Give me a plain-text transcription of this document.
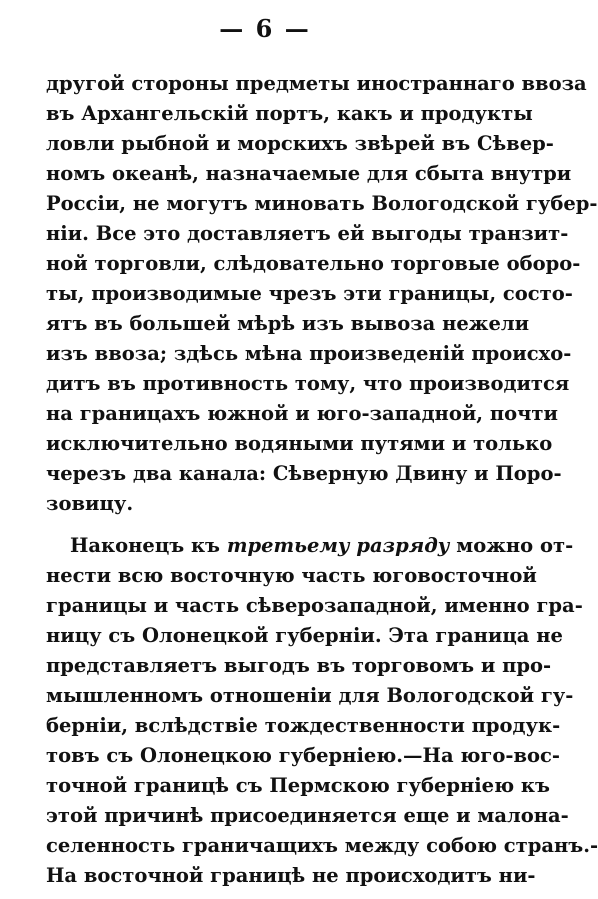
— 6 —
другой стороны предметы иностраннаго ввоза
въ Архангельскій портъ, какъ и продукты
ловли рыбной и морскихъ звѣрей въ Сѣвер-
номъ океанѣ, назначаемые для сбыта внутри
Россіи, не могутъ миновать Вологодской губер-
ніи. Все это доставляетъ ей выгоды транзит-
ной торговли, слѣдовательно торговые оборо-
ты, производимые чрезъ эти границы, состо-
ятъ въ большей мѣрѣ изъ вывоза нежели
изъ ввоза; здѣсь мѣна произведеній происхо-
дитъ въ противность тому, что производится
на границахъ южной и юго-западной, почти
исключительно водяными путями и только
черезъ два канала: Сѣверную Двину и Поро-
зовицу.
Наконецъ къ третьему разряду можно от-
нести всю восточную часть юговосточной
границы и часть сѣверозападной, именно гра-
ницу съ Олонецкой губерніи. Эта граница не
представляетъ выгодъ въ торговомъ и про-
мышленномъ отношеніи для Вологодской гу-
берніи, вслѣдствіе тождественности продук-
товъ съ Олонецкою губерніею.—На юго-вос-
точной границѣ съ Пермскою губерніею къ
этой причинѣ присоединяется еще и малона-
селенность граничащихъ между собою странъ.-
На восточной границѣ не происходитъ ни-
